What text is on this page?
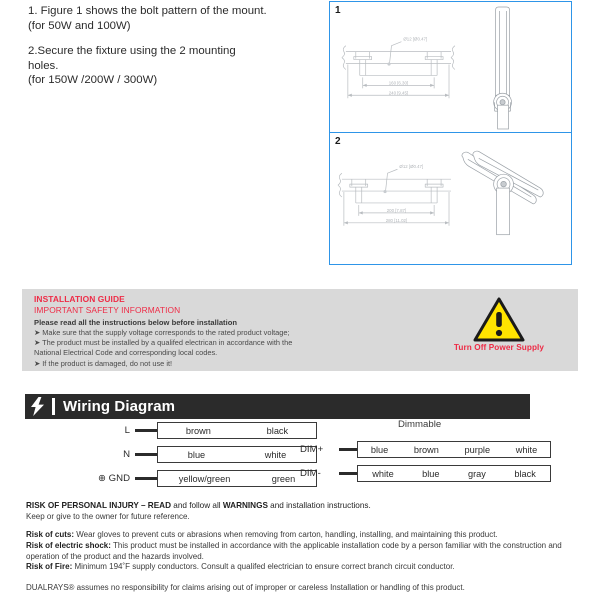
1. Figure 1 shows the bolt pattern of the mount.
(for 50W and 100W)
2.Secure the fixture using the 2 mounting
holes.
(for 150W /200W / 300W)
1
Ø12 [Ø0.47]
160 [6.30]
240 [9.45]
2
Ø12 [Ø0.47]
200 [7.87]
280 [11.02]
INSTALLATION GUIDE
IMPORTANT SAFETY INFORMATION
Please read all the instructions below before installation
➤ Make sure that the supply voltage corresponds to the rated product voltage;
➤ The product must be installed by a qualifed electrican in accordance with the
National Electrical Code and corresponding local codes.
➤ If the product is damaged, do not use it!
Turn Off Power Supply
Wiring Diagram
Dimmable
L	brown	black
N	blue	white
⊕ GND	yellow/green	green
DIM+	blue	brown	purple	white
DIM-	white	blue	gray	black
RISK OF PERSONAL INJURY – READ and follow all WARNINGS and installation instructions.
Keep or give to the owner for future reference.
Risk of cuts: Wear gloves to prevent cuts or abrasions when removing from carton, handling, installing, and maintaining this product.
Risk of electric shock: This product must be installed in accordance with the applicable installation code by a person familiar with the construction and operation of the product and the hazards involved.
Risk of Fire: Minimum 194˚F supply conductors. Consult a qualifed electrician to ensure correct branch circuit conductor.
DUALRAYS® assumes no responsibility for claims arising out of improper or careless Installation or handling of this product.
